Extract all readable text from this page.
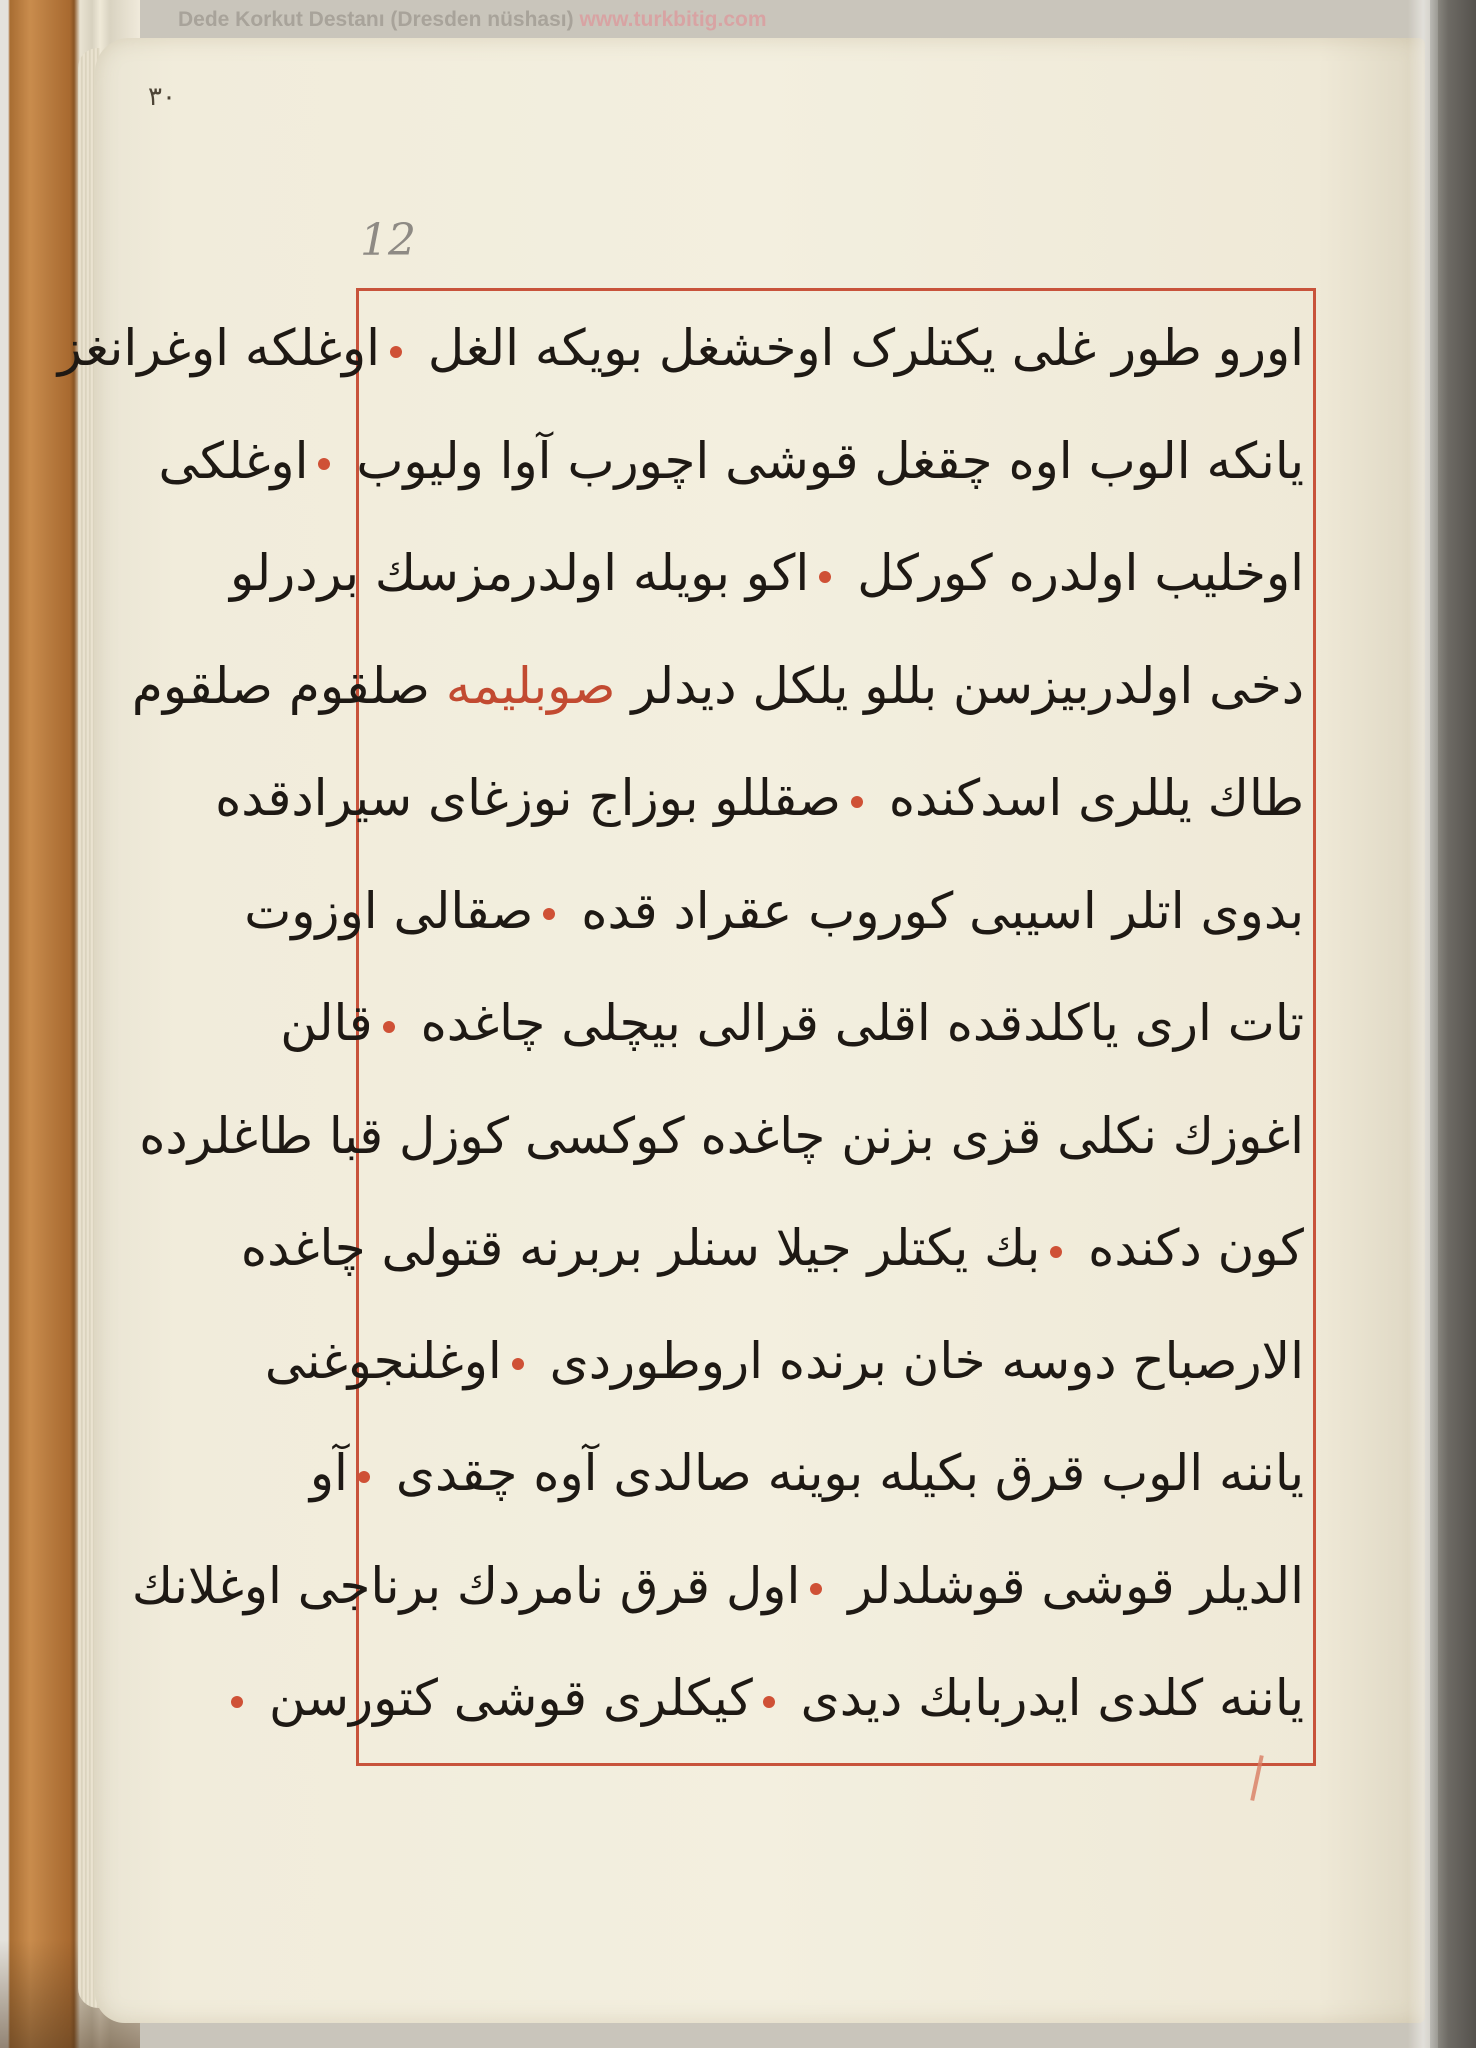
Dede Korkut Destanı (Dresden nüshası) www.turkbitig.com
٣٠
12
اورو طور غلی یکتلرک اوخشغل بویکه الغل اوغلکه اوغرانغز
یانکه الوب اوه چقغل قوشی اچورب آوا ولیوب اوغلکی
اوخلیب اولدره کورکل اکو بویله اولدرمزسك بردرلو
دخی اولدربیزسن بللو یلکل دیدلر صوبلیمه صلقوم صلقوم
طاك یللری اسدکنده صقللو بوزاج نوزغای سیرادقده
بدوی اتلر اسیبی کوروب عقراد قده صقالی اوزوت
تات اری یاکلدقده اقلی قرالی بیچلی چاغده قالن
اغوزك نکلی قزی بزنن چاغده کوکسی کوزل قبا طاغلرده
کون دکنده بك یکتلر جیلا سنلر بربرنه قتولی چاغده
الارصباح دوسه خان برنده اروطوردی اوغلنجوغنی
یاننه الوب قرق بکیله بوینه صالدی آوه چقدی آو
الدیلر قوشی قوشلدلر اول قرق نامردك برناجی اوغلانك
یاننه کلدی ایدربابك دیدی کیکلری قوشی کتورسن
